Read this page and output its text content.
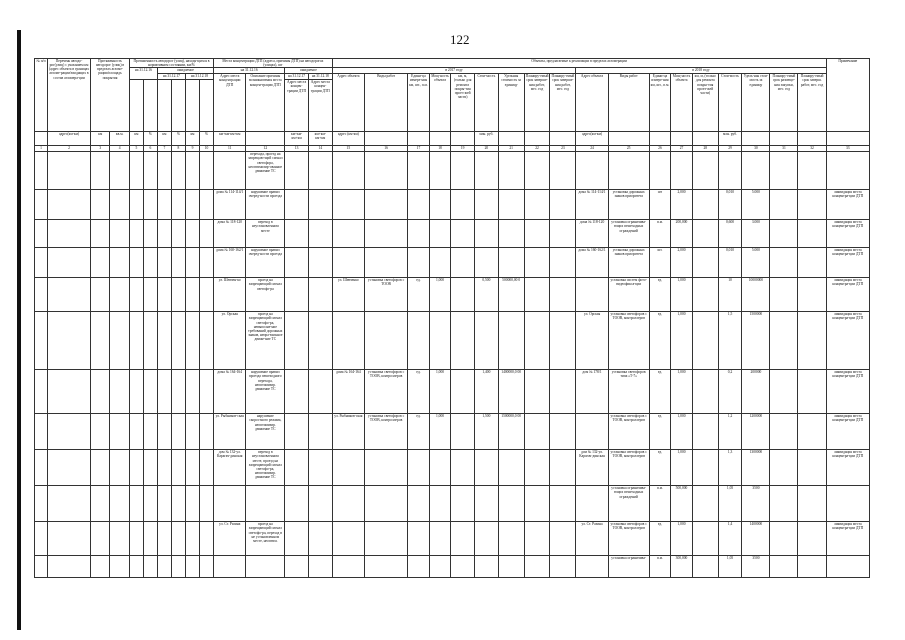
122
№ п/п	Перечень автодо-рог(улиц) с указанием км (адрес объекта в границах агломе-рации/входящих в состав агломера-ции	Протяженность автодорог (улиц) в пределах агломе-рации/площадь покрытия		Протяженность автодорог (улиц), находя-щихся в нормативном состоянии, км/%						Места концентрации ДТП (адреса, причины ДТП) на автодорогах (улицах), шт				Объекты, предлагаемые к реализации в пределах агломерации																		Примечание
				на 31.12.16		ожидаемое				на 31.12.16		ожидаемое		в 2017 году									в 2018 году									
						на 31.12.17		на 31.12.18		Адрес места концентрации ДТП	Описание причины возникновения места концен-трации ДТП	на 31.12.17	на 31.12.18	Адрес объекта	Виды работ	Едини-ца измере-ния км, шт., п.м.	Мощ-ность объекта	км, м, (только для ремонта покры-тия проез-жей части)	Стои-мость	Удельная стоимость за единицу	Планиру-емый срок заверше-ния работ, мес. год	Планиру-емый срок заверше-ния работ, мес. год	Адрес объекта	Виды работ	Едини-ца измере-ния км, шт., п.м.	Мощ-ность объекта	км, м, (только для ремонта покры-тия проез-жей части)	Стои-мость	Удель-ная стои-мость за единицу	Планиру-емый срок размеще-ния закупки, мес. год	Планиру-емый срок заверш. работ, мес. год	
												Адрес места концен-трации ДТП	Адрес места концен-трации ДТП																			
	адрес(км-км)	км	кв.м.	км	%	км	%	км	%	км+км-км+км		км+км-км+км	км+км-км+км	адрес (км-км)					млн. руб.				адрес(км-км)					млн. руб.				
1	2	3	4	5	6	7	8	9	10	11	12	13	14	15	16	17	18	19	20	21	22	23	24	25	26	27	28	29	30	31	32	33
											перехода, проезд на запрещаю-щий сигнал светофора, неоптимизир-ованное движение ТС																					
										дома № 114-114/1	нарушение правил очеред-ности проезда												дома № 114-114/1	установка дорожных знаков приоритета	шт	2,000		0,010	5.000			ликвидация места концентра-ции ДТП
										дома № 118-120	переход в неустановленном месте												дома № 118-120	установка ограничива-ющих пешеходных ограждений	п.м.	200,000		0,600	3.000			ликвидация места концентра-ции ДТП
										дома № 160-162/1	нарушение правил очеред-ности проезда												дома № 160-162/1	установка дорожных знаков приоритета	шт.	2,000		0,010	5.000			ликвидация места концентра-ции ДТП
										ул. Шевчен-ко	проезд на запрещающий сигнал светофо-ра			ул. Шевченко	установка светофоров с ТООВ	ед.	1,000		0,500	500000,00 0				установка систем фото-видеофикса-ции	ед.	1,000		10	10000000			ликвидация места концентра-ции ДТП
										ул. Орская	проезд на запрещающий сигнал светофо-ра, невыполне-ние требований дорожных знаков, непра-вильное движе-ние ТС												ул. Орская	установка светофоров с ТООВ, контроллеров	ед.	1,000		1,5	1500000			ликвидация места концентра-ции ДТП
										дома № 164-164	нарушение правил проезда пешеходного перехода, неоптимизир. движение ТС			дома № 164-164	установка светофоров с ТООВ, контроллеров	ед.	1,000		1,400	1400000,0 00			дом № 178/1	установка светофоров типа «Т-7»	ед.	1,000		0,2	200000			ликвидация места концентра-ции ДТП
										ул. Рыбников-ская	нарушение скоростного режима, неоптимизир. движение ТС			ул. Рыбников-ская	установка светофоров с ТООВ, контроллеров	ед.	1,000		1,500	1500000,0 00				установка светофоров с ТООВ, контроллеров	ед.	1,000		1,2	1200000			ликвидация места концентра-ции ДТП
										дом № 132-ул. Карагач-динская	переход в неустановленном месте, проезд на запрещающий сигнал светофо-ра, неоптимизир. движение ТС												дом № 132-ул. Карагач-динская	установка светофоров с ТООВ, контроллеров	ед.	1,000		1,3	1300000			ликвидация места концентра-ции ДТП
																								установка ограничива-ющих пешеходных ограждений	п.м.	500,000		1,05	3500			
										ул. Ст. Разина	проезд на запрещающий сигнал светофо-ра, переход в не установленном месте, неоптим.												ул. Ст. Разина	установка светофоров с ТООВ, контроллеров	ед.	1,000		1,4	1400000			ликвидация места концентра-ции ДТП
																								установка ограничива-	п.м.	300,000		1,05	3500			
